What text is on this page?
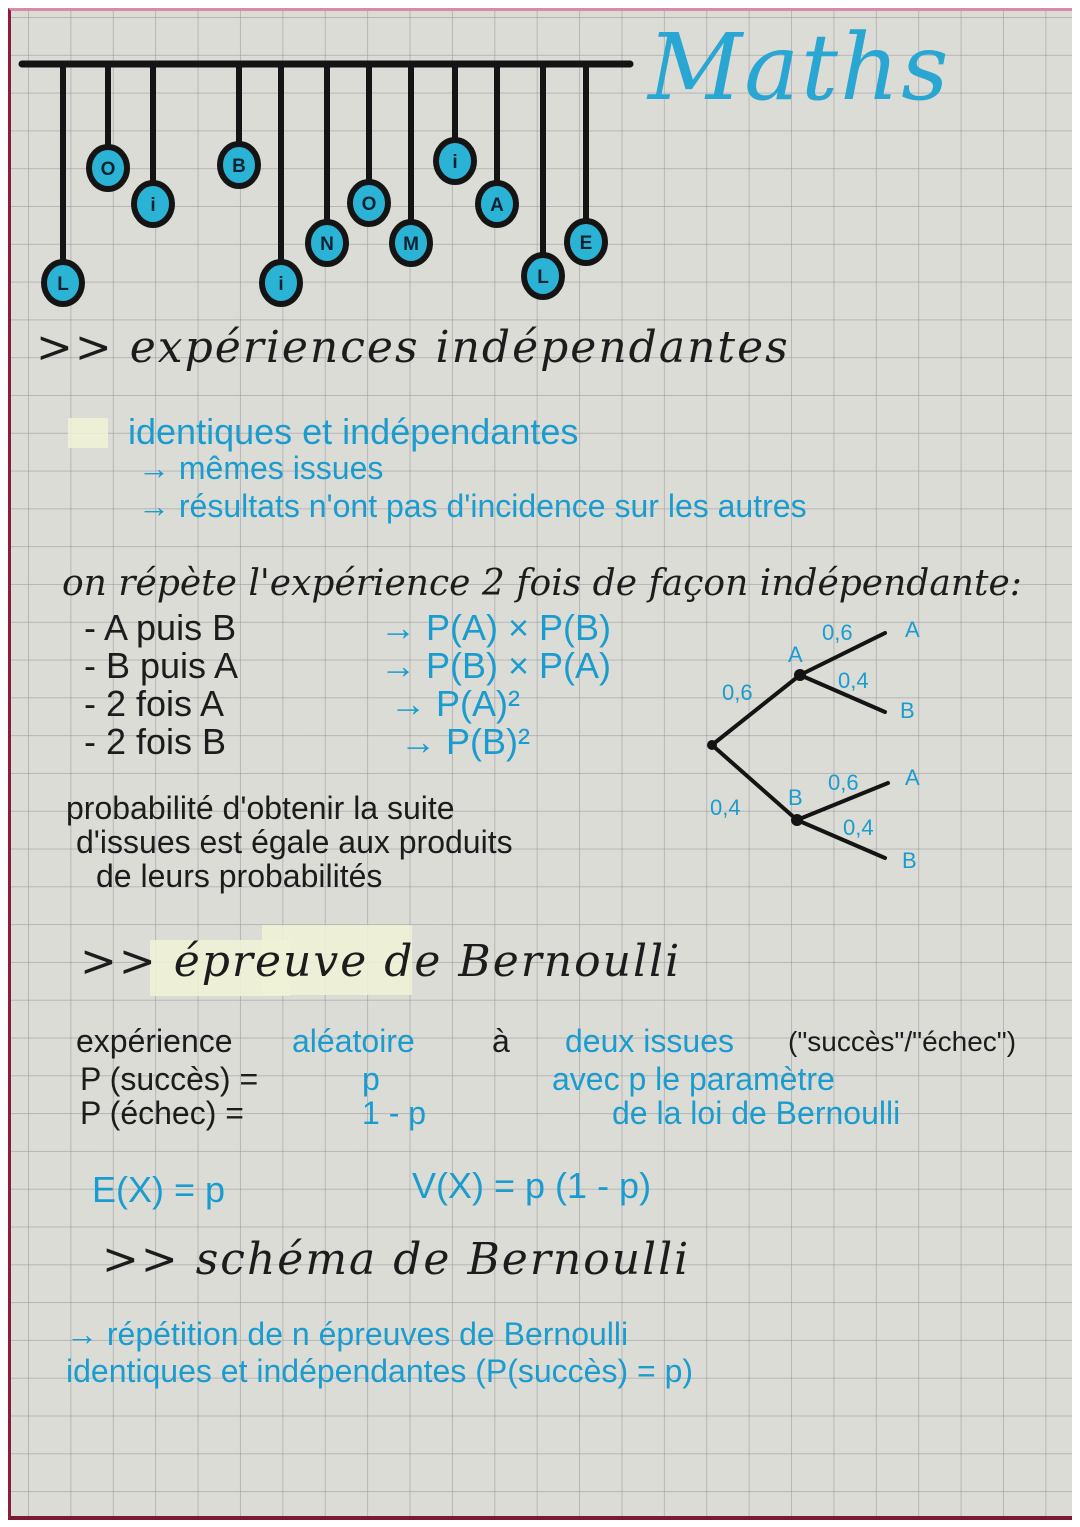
L
O
i
B
i
N
O
M
i
A
L
E
Maths
>> expériences indépendantes
identiques et indépendantes
→ mêmes issues
→ résultats n'ont pas d'incidence sur les autres
on répète l'expérience 2 fois de façon indépendante:
- A puis B	→ P(A) × P(B)
- B puis A	→ P(B) × P(A)
- 2 fois A	→ P(A)²
- 2 fois B	→ P(B)²
0,6
A
0,4 B
0,6 A
0,4
B
0,6 A
0,4
B
probabilité d'obtenir la suite
d'issues est égale aux produits
de leurs probabilités
>> épreuve de Bernoulli
expérience aléatoire à deux issues ("succès"/"échec")
P (succès) =	p
P (échec) =	1 - p
avec p le paramètre
de la loi de Bernoulli
E(X) = p	V(X) = p (1 - p)
>> schéma de Bernoulli
→ répétition de n épreuves de Bernoulli
identiques et indépendantes (P(succès) = p)
